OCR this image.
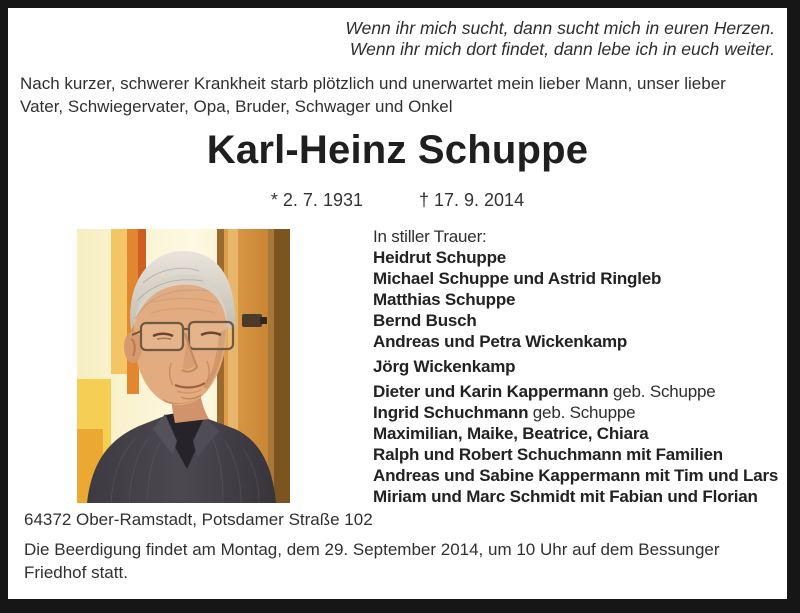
Wenn ihr mich sucht, dann sucht mich in euren Herzen.
Wenn ihr mich dort findet, dann lebe ich in euch weiter.
Nach kurzer, schwerer Krankheit starb plötzlich und unerwartet mein lieber Mann, unser lieber Vater, Schwiegervater, Opa, Bruder, Schwager und Onkel
Karl-Heinz Schuppe
* 2. 7. 1931	† 17. 9. 2014
In stiller Trauer:
Heidrut Schuppe
Michael Schuppe und Astrid Ringleb
Matthias Schuppe
Bernd Busch
Andreas und Petra Wickenkamp
Jörg Wickenkamp
Dieter und Karin Kappermann geb. Schuppe
Ingrid Schuchmann geb. Schuppe
Maximilian, Maike, Beatrice, Chiara
Ralph und Robert Schuchmann mit Familien
Andreas und Sabine Kappermann mit Tim und Lars
Miriam und Marc Schmidt mit Fabian und Florian
64372 Ober-Ramstadt, Potsdamer Straße 102
Die Beerdigung findet am Montag, dem 29. September 2014, um 10 Uhr auf dem Bessunger Friedhof statt.
